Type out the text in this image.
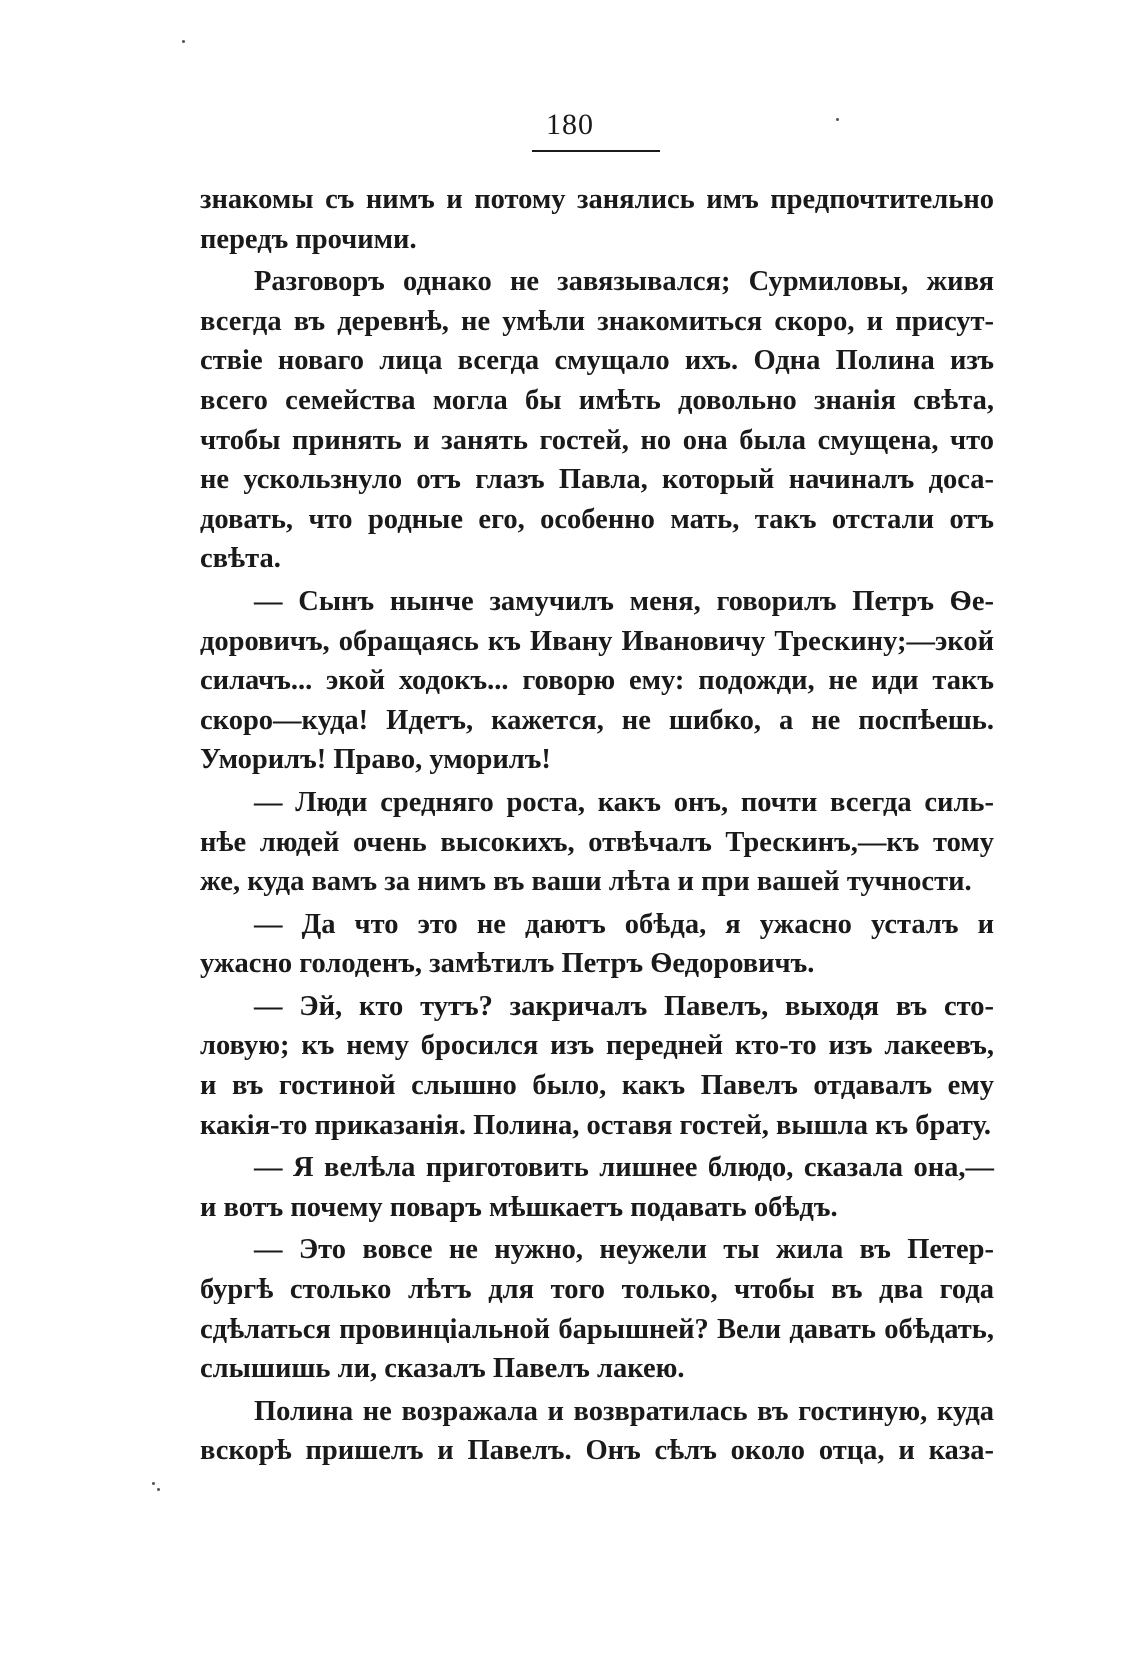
180
знакомы съ нимъ и потому занялись имъ предпочтительно
передъ прочими.
Разговоръ однако не завязывался; Сурмиловы, живя
всегда въ деревнѣ, не умѣли знакомиться скоро, и присут-
ствіе новаго лица всегда смущало ихъ. Одна Полина изъ
всего семейства могла бы имѣть довольно знанія свѣта,
чтобы принять и занять гостей, но она была смущена, что
не ускользнуло отъ глазъ Павла, который начиналъ доса-
довать, что родные его, особенно мать, такъ отстали отъ
свѣта.
— Сынъ нынче замучилъ меня, говорилъ Петръ Ѳе-
доровичъ, обращаясь къ Ивану Ивановичу Трескину;—экой
силачъ... экой ходокъ... говорю ему: подожди, не иди такъ
скоро—куда! Идетъ, кажется, не шибко, а не поспѣешь.
Уморилъ! Право, уморилъ!
— Люди средняго роста, какъ онъ, почти всегда силь-
нѣе людей очень высокихъ, отвѣчалъ Трескинъ,—къ тому
же, куда вамъ за нимъ въ ваши лѣта и при вашей тучности.
— Да что это не даютъ обѣда, я ужасно усталъ и
ужасно голоденъ, замѣтилъ Петръ Ѳедоровичъ.
— Эй, кто тутъ? закричалъ Павелъ, выходя въ сто-
ловую; къ нему бросился изъ передней кто-то изъ лакеевъ,
и въ гостиной слышно было, какъ Павелъ отдавалъ ему
какія-то приказанія. Полина, оставя гостей, вышла къ брату.
— Я велѣла приготовить лишнее блюдо, сказала она,—
и вотъ почему поваръ мѣшкаетъ подавать обѣдъ.
— Это вовсе не нужно, неужели ты жила въ Петер-
бургѣ столько лѣтъ для того только, чтобы въ два года
сдѣлаться провинціальной барышней? Вели давать обѣдать,
слышишь ли, сказалъ Павелъ лакею.
Полина не возражала и возвратилась въ гостиную, куда
вскорѣ пришелъ и Павелъ. Онъ сѣлъ около отца, и каза-
